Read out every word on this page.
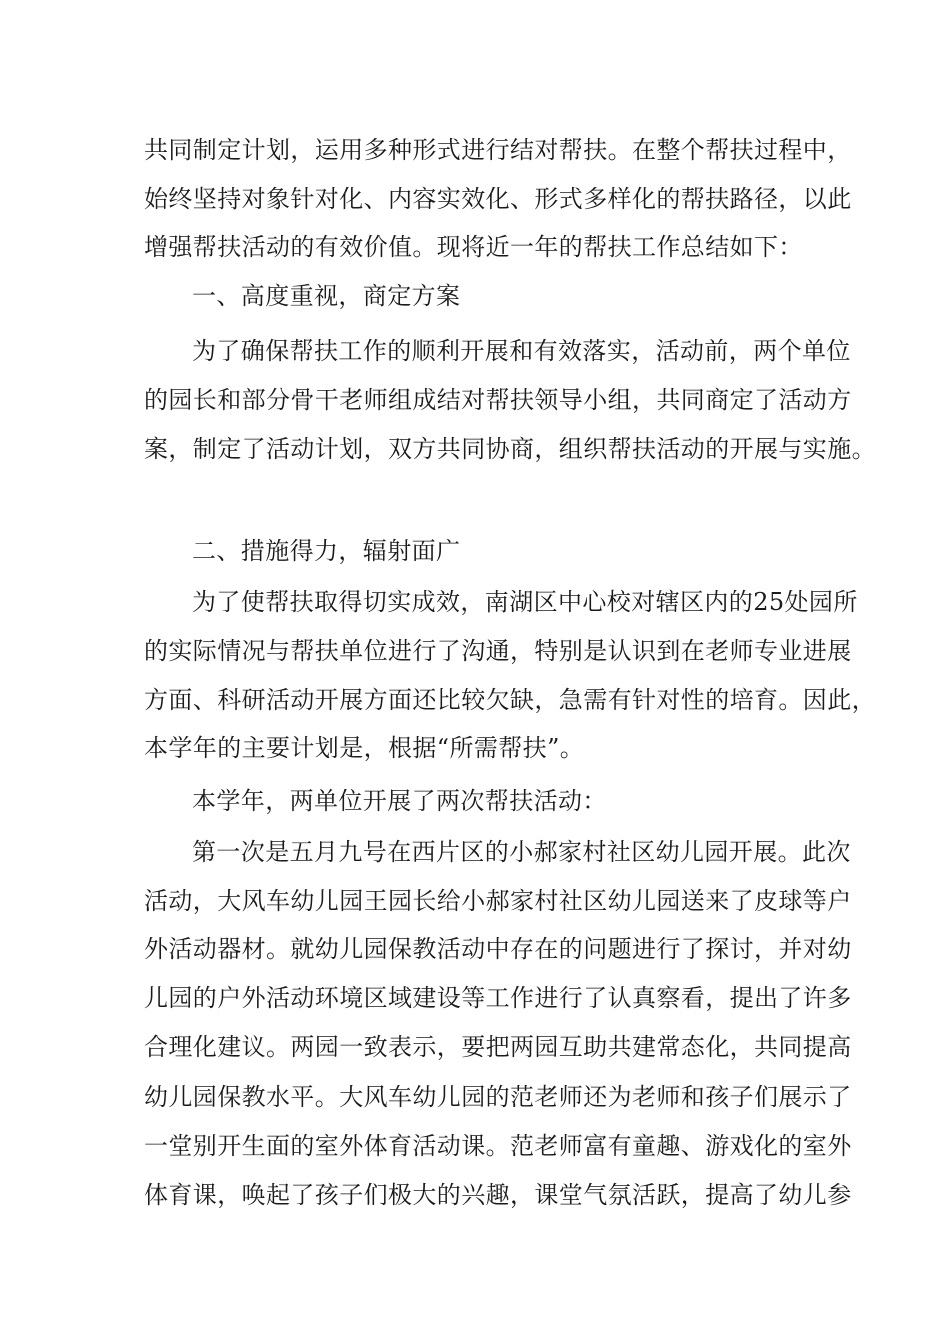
共同制定计划，运用多种形式进行结对帮扶。在整个帮扶过程中，
始终坚持对象针对化、内容实效化、形式多样化的帮扶路径，以此
增强帮扶活动的有效价值。现将近一年的帮扶工作总结如下：
一、高度重视，商定方案
为了确保帮扶工作的顺利开展和有效落实，活动前，两个单位
的园长和部分骨干老师组成结对帮扶领导小组，共同商定了活动方
案，制定了活动计划，双方共同协商，组织帮扶活动的开展与实施。
二、措施得力，辐射面广
为了使帮扶取得切实成效，南湖区中心校对辖区内的25处园所
的实际情况与帮扶单位进行了沟通，特别是认识到在老师专业进展
方面、科研活动开展方面还比较欠缺，急需有针对性的培育。因此，
本学年的主要计划是，根据“所需帮扶”。
本学年，两单位开展了两次帮扶活动：
第一次是五月九号在西片区的小郝家村社区幼儿园开展。此次
活动，大风车幼儿园王园长给小郝家村社区幼儿园送来了皮球等户
外活动器材。就幼儿园保教活动中存在的问题进行了探讨，并对幼
儿园的户外活动环境区域建设等工作进行了认真察看，提出了许多
合理化建议。两园一致表示，要把两园互助共建常态化，共同提高
幼儿园保教水平。大风车幼儿园的范老师还为老师和孩子们展示了
一堂别开生面的室外体育活动课。范老师富有童趣、游戏化的室外
体育课，唤起了孩子们极大的兴趣，课堂气氛活跃，提高了幼儿参
